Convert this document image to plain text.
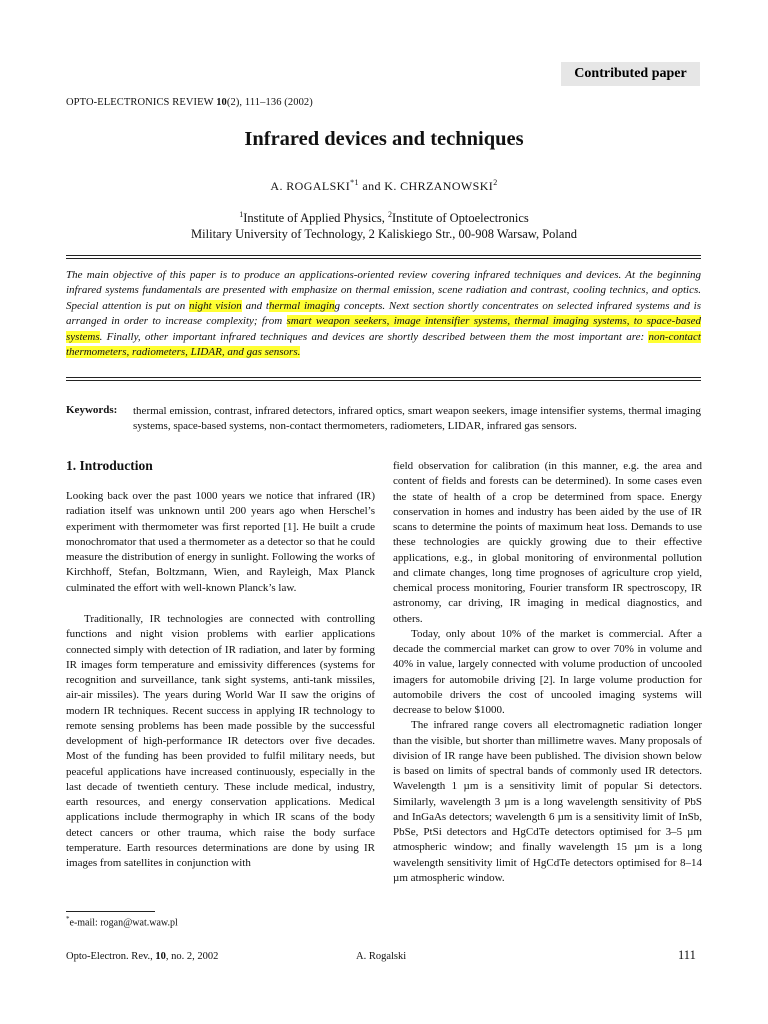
Contributed paper
OPTO-ELECTRONICS REVIEW 10(2), 111–136 (2002)
Infrared devices and techniques
A. ROGALSKI$^{*1}$ and K. CHRZANOWSKI$^2$
$^1$Institute of Applied Physics, $^2$Institute of Optoelectronics
Military University of Technology, 2 Kaliskiego Str., 00-908 Warsaw, Poland
The main objective of this paper is to produce an applications-oriented review covering infrared techniques and devices. At the beginning infrared systems fundamentals are presented with emphasize on thermal emission, scene radiation and contrast, cooling technics, and optics. Special attention is put on night vision and thermal imaging concepts. Next section shortly concentrates on selected infrared systems and is arranged in order to increase complexity; from smart weapon seekers, image intensifier systems, thermal imaging systems, to space-based systems. Finally, other important infrared techniques and devices are shortly described between them the most important are: non-contact thermometers, radiometers, LIDAR, and gas sensors.
Keywords: thermal emission, contrast, infrared detectors, infrared optics, smart weapon seekers, image intensifier systems, thermal imaging systems, space-based systems, non-contact thermometers, radiometers, LIDAR, infrared gas sensors.
1. Introduction

Looking back over the past 1000 years we notice that infrared (IR) radiation itself was unknown until 200 years ago when Herschel’s experiment with thermometer was first reported [1]. He built a crude monochromator that used a thermometer as a detector so that he could measure the distribution of energy in sunlight. Following the works of Kirchhoff, Stefan, Boltzmann, Wien, and Rayleigh, Max Planck culminated the effort with well-known Planck’s law.

Traditionally, IR technologies are connected with controlling functions and night vision problems with earlier applications connected simply with detection of IR radiation, and later by forming IR images form temperature and emissivity differences (systems for recognition and surveillance, tank sight systems, anti-tank missiles, air-air missiles). The years during World War II saw the origins of modern IR techniques. Recent success in applying IR technology to remote sensing problems has been made possible by the successful development of high-performance IR detectors over five decades. Most of the funding has been provided to fulfil military needs, but peaceful applications have increased continuously, especially in the last decade of twentieth century. These include medical, industry, earth resources, and energy conservation applications. Medical applications include thermography in which IR scans of the body detect cancers or other trauma, which raise the body surface temperature. Earth resources determinations are done by using IR images from satellites in conjunction with

field observation for calibration (in this manner, e.g. the area and content of fields and forests can be determined). In some cases even the state of health of a crop be determined from space. Energy conservation in homes and industry has been aided by the use of IR scans to determine the points of maximum heat loss. Demands to use these technologies are quickly growing due to their effective applications, e.g., in global monitoring of environmental pollution and climate changes, long time prognoses of agriculture crop yield, chemical process monitoring, Fourier transform IR spectroscopy, IR astronomy, car driving, IR imaging in medical diagnostics, and others.

Today, only about 10% of the market is commercial. After a decade the commercial market can grow to over 70% in volume and 40% in value, largely connected with volume production of uncooled imagers for automobile driving [2]. In large volume production for automobile drivers the cost of uncooled imaging systems will decrease to below $1000.

The infrared range covers all electromagnetic radiation longer than the visible, but shorter than millimetre waves. Many proposals of division of IR range have been published. The division shown below is based on limits of spectral bands of commonly used IR detectors. Wavelength 1 µm is a sensitivity limit of popular Si detectors. Similarly, wavelength 3 µm is a long wavelength sensitivity of PbS and InGaAs detectors; wavelength 6 µm is a sensitivity limit of InSb, PbSe, PtSi detectors and HgCdTe detectors optimised for 3–5 µm atmospheric window; and finally wavelength 15 µm is a long wavelength sensitivity limit of HgCdTe detectors optimised for 8–14 µm atmospheric window.

*e-mail: rogan@wat.waw.pl
Opto-Electron. Rev., 10, no. 2, 2002	A. Rogalski	111
